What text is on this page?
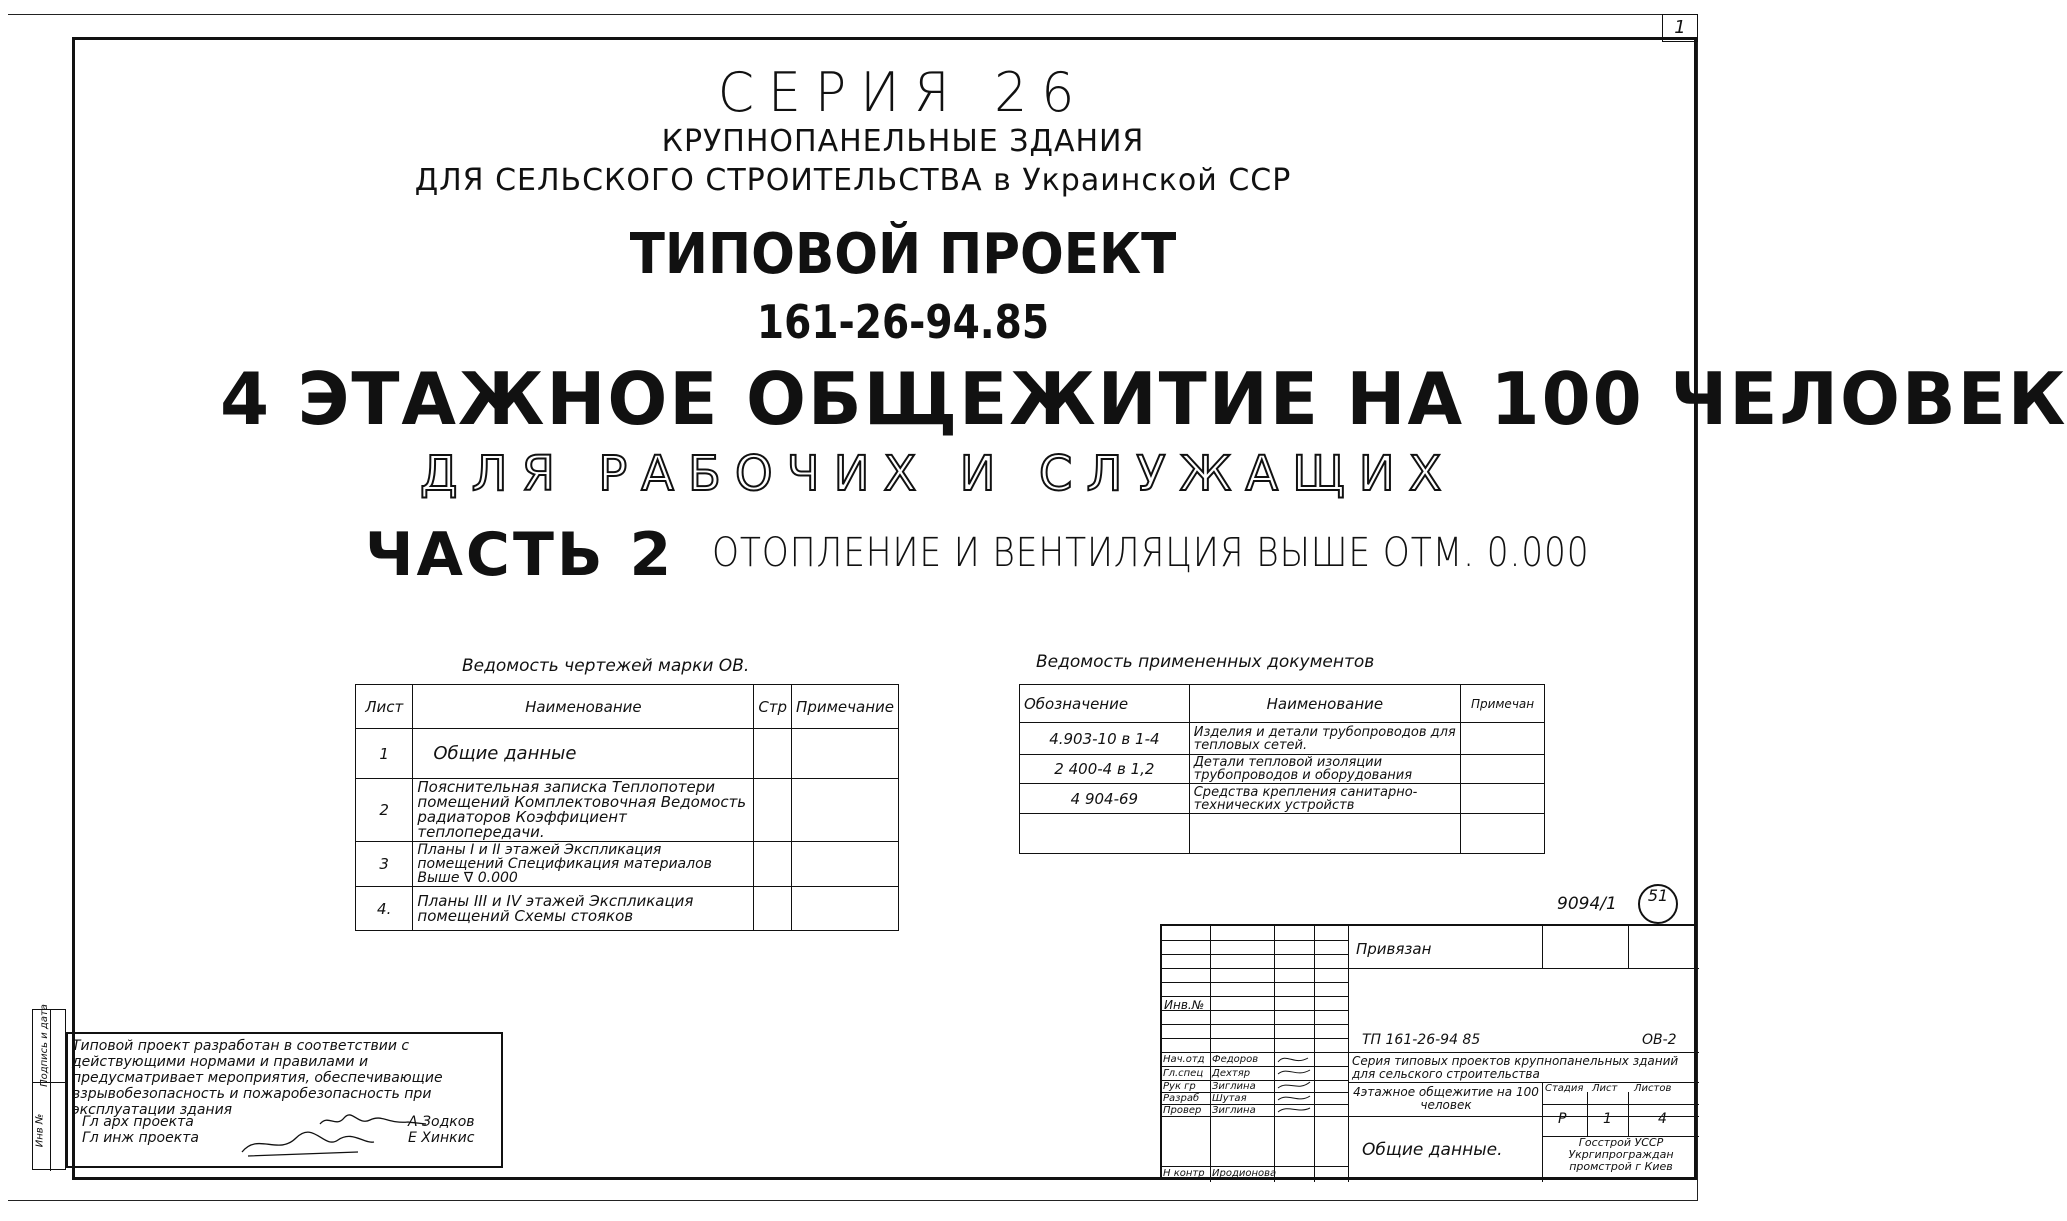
1
СЕРИЯ 26
КРУПНОПАНЕЛЬНЫЕ ЗДАНИЯ
ДЛЯ СЕЛЬСКОГО СТРОИТЕЛЬСТВА в Украинской ССР
ТИПОВОЙ ПРОЕКТ
161-26-94.85
4 ЭТАЖНОЕ ОБЩЕЖИТИЕ НА 100 ЧЕЛОВЕК
ДЛЯ РАБОЧИХ И СЛУЖАЩИХ
ЧАСТЬ 2 ОТОПЛЕНИЕ И ВЕНТИЛЯЦИЯ ВЫШЕ ОТМ. 0.000
Ведомость чертежей марки ОВ.
Лист	Наименование	Стр	Примечание
1	Общие данные		
2	Пояснительная записка Теплопотери помещений Комплектовочная Ведомость радиаторов Коэффициент теплопередачи.		
3	Планы I и II этажей Экспликация помещений Спецификация материалов Выше ∇ 0.000		
4.	Планы III и IV этажей Экспликация помещений Схемы стояков		
Ведомость примененных документов
Обозначение	Наименование	Примечан
4.903-10 в 1-4	Изделия и детали трубопроводов для тепловых сетей.	
2 400-4 в 1,2	Детали тепловой изоляции трубопроводов и оборудования	
4 904-69	Средства крепления санитарно-технических устройств	

9094/1	51
Инв №
Подпись и дата Типовой проект разработан в соответствии с действующими нормами и правилами и предусматривает мероприятия, обеспечивающие взрывобезопасность и пожаробезопасность при эксплуатации здания
Гл арх проекта	А Зодков
Гл инж проекта	Е Хинкис
Привязан
Инв.№
ТП 161-26-94 85	ОВ-2
Серия типовых проектов крупнопанельных зданий для сельского строительства
4этажное общежитие на 100 человек
Общие данные.
Стадия Лист Листов
Р	1	4
Госстрой УССР Укргипрограждан промстрой г Киев
Нач.отд Федоров
Гл.спец Дехтяр
Рук гр Зиглина
Разраб Шутая
Провер Зиглина
Н контр Иродионова
